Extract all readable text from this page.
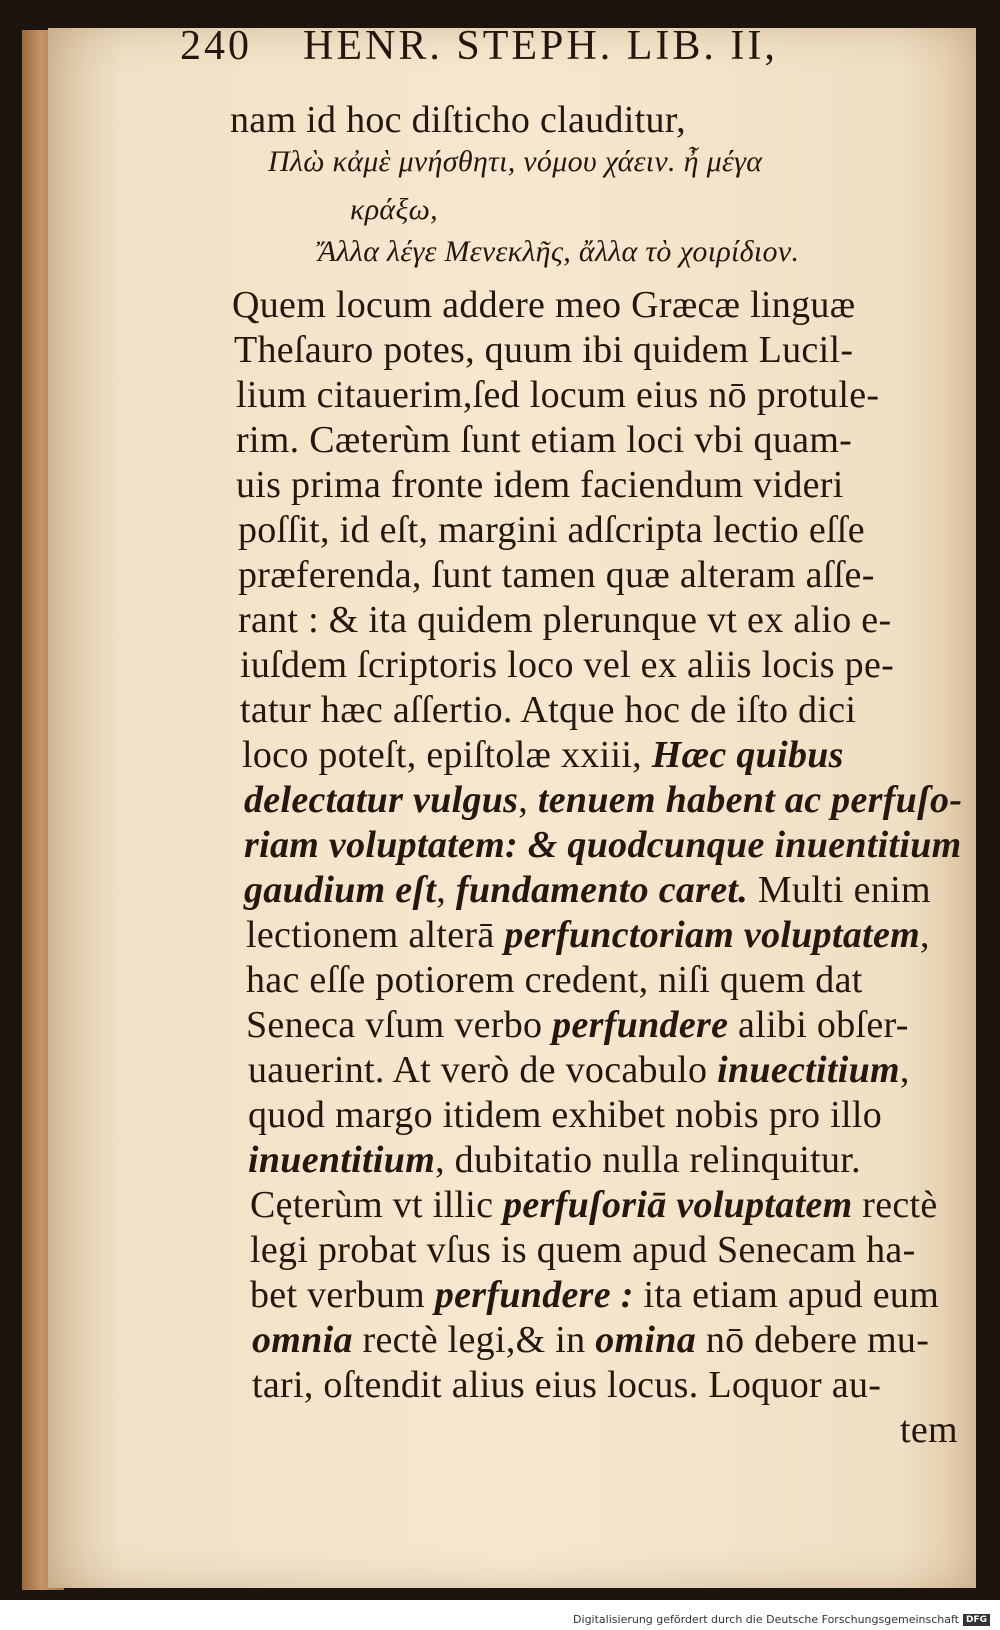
240 HENR. STEPH. LIB. II,
nam id hoc diſticho clauditur,
Πλὼ κἀμὲ μνήσθητι, νόμου χάειν. ἦ μέγα
κράξω,
Ἄλλα λέγε Μενεκλῆς, ἄλλα τὸ χοιρίδιον.
Quem locum addere meo Græcæ linguæ
Theſauro potes, quum ibi quidem Lucil-
lium citauerim,ſed locum eius nō protule-
rim. Cæterùm ſunt etiam loci vbi quam-
uis prima fronte idem faciendum videri
poſſit, id eſt, margini adſcripta lectio eſſe
præferenda, ſunt tamen quæ alteram aſſe-
rant : & ita quidem plerunque vt ex alio e-
iuſdem ſcriptoris loco vel ex aliis locis pe-
tatur hæc aſſertio. Atque hoc de iſto dici
loco poteſt, epiſtolæ xxiii, Hæc quibus
delectatur vulgus, tenuem habent ac perfuſo-
riam voluptatem: & quodcunque inuentitium
gaudium eſt, fundamento caret. Multi enim
lectionem alterā perfunctoriam voluptatem,
hac eſſe potiorem credent, niſi quem dat
Seneca vſum verbo perfundere alibi obſer-
uauerint. At verò de vocabulo inuectitium,
quod margo itidem exhibet nobis pro illo
inuentitium, dubitatio nulla relinquitur.
Cęterùm vt illic perfuſoriā voluptatem rectè
legi probat vſus is quem apud Senecam ha-
bet verbum perfundere : ita etiam apud eum
omnia rectè legi,& in omina nō debere mu-
tari, oſtendit alius eius locus. Loquor au-
tem
Digitalisierung gefördert durch die Deutsche Forschungsgemeinschaft DFG
